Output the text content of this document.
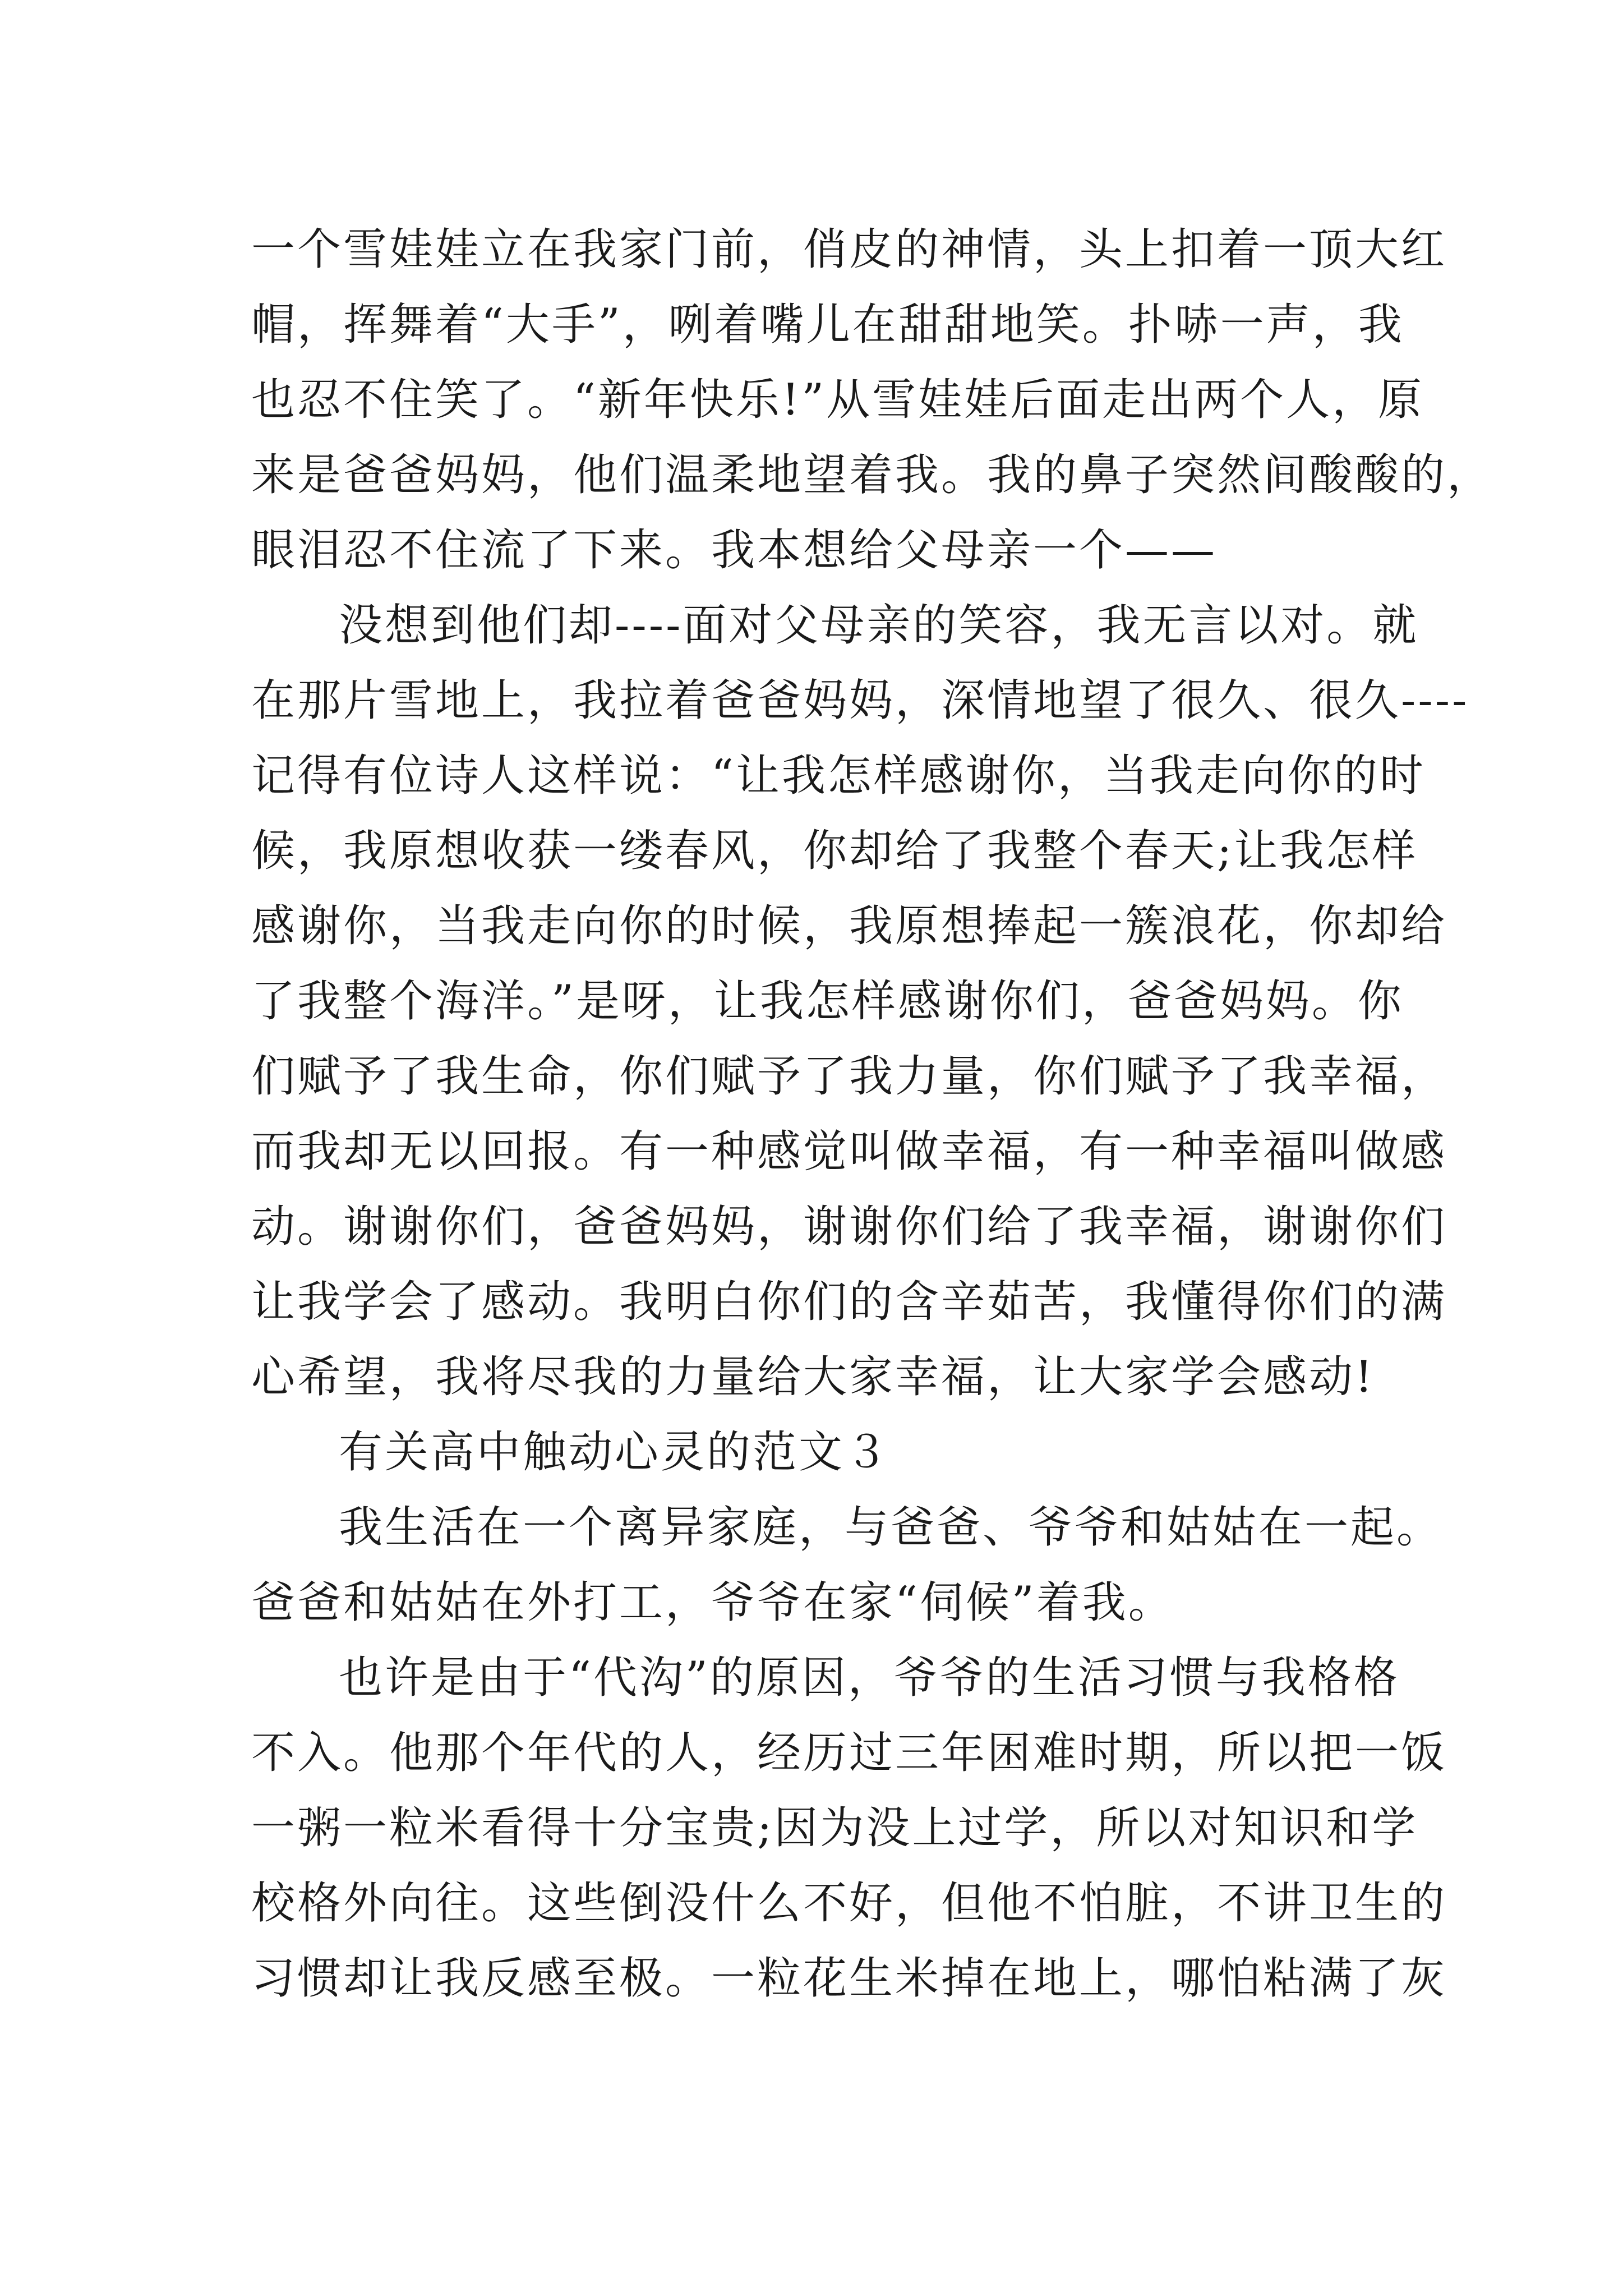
一个雪娃娃立在我家门前，俏皮的神情，头上扣着一顶大红
帽，挥舞着“大手”，咧着嘴儿在甜甜地笑。扑哧一声，我
也忍不住笑了。“新年快乐!”从雪娃娃后面走出两个人，原
来是爸爸妈妈，他们温柔地望着我。我的鼻子突然间酸酸的，
眼泪忍不住流了下来。我本想给父母亲一个——
没想到他们却----面对父母亲的笑容，我无言以对。就
在那片雪地上，我拉着爸爸妈妈，深情地望了很久、很久----
记得有位诗人这样说：“让我怎样感谢你，当我走向你的时
候，我原想收获一缕春风，你却给了我整个春天;让我怎样
感谢你，当我走向你的时候，我原想捧起一簇浪花，你却给
了我整个海洋。”是呀，让我怎样感谢你们，爸爸妈妈。你
们赋予了我生命，你们赋予了我力量，你们赋予了我幸福，
而我却无以回报。有一种感觉叫做幸福，有一种幸福叫做感
动。谢谢你们，爸爸妈妈，谢谢你们给了我幸福，谢谢你们
让我学会了感动。我明白你们的含辛茹苦，我懂得你们的满
心希望，我将尽我的力量给大家幸福，让大家学会感动!
有关高中触动心灵的范文３
我生活在一个离异家庭，与爸爸、爷爷和姑姑在一起。
爸爸和姑姑在外打工，爷爷在家“伺候”着我。
也许是由于“代沟”的原因，爷爷的生活习惯与我格格
不入。他那个年代的人，经历过三年困难时期，所以把一饭
一粥一粒米看得十分宝贵;因为没上过学，所以对知识和学
校格外向往。这些倒没什么不好，但他不怕脏，不讲卫生的
习惯却让我反感至极。一粒花生米掉在地上，哪怕粘满了灰
